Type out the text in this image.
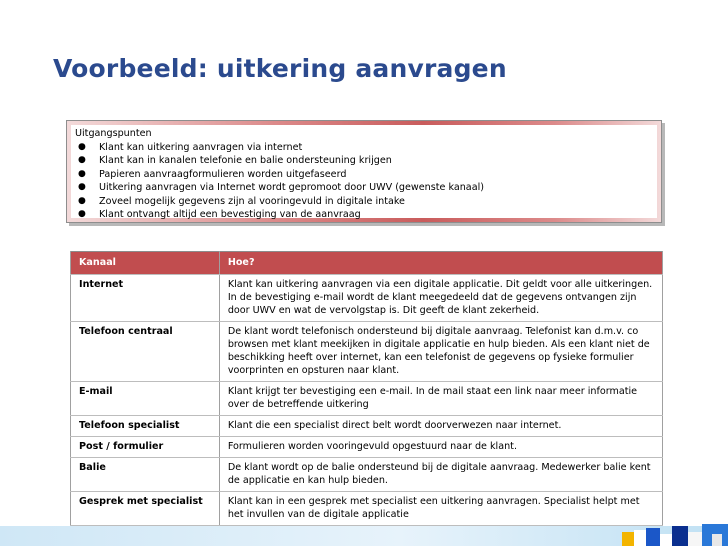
Voorbeeld: uitkering aanvragen
Uitgangspunten
● Klant kan uitkering aanvragen via internet
● Klant kan in kanalen telefonie en balie ondersteuning krijgen
● Papieren aanvraagformulieren worden uitgefaseerd
● Uitkering aanvragen via Internet wordt gepromoot door UWV (gewenste kanaal)
● Zoveel mogelijk gegevens zijn al vooringevuld in digitale intake
● Klant ontvangt altijd een bevestiging van de aanvraag
Kanaal	Hoe?
Internet	Klant kan uitkering aanvragen via een digitale applicatie. Dit geldt voor alle uitkeringen. In de bevestiging e-mail wordt de klant meegedeeld dat de gegevens ontvangen zijn door UWV en wat de vervolgstap is. Dit geeft de klant zekerheid.
Telefoon centraal	De klant wordt telefonisch ondersteund bij digitale aanvraag. Telefonist kan d.m.v. co browsen met klant meekijken in digitale applicatie en hulp bieden. Als een klant niet de beschikking heeft over internet, kan een telefonist de gegevens op fysieke formulier voorprinten en opsturen naar klant.
E-mail	Klant krijgt ter bevestiging een e-mail. In de mail staat een link naar meer informatie over de betreffende uitkering
Telefoon specialist	Klant die een specialist direct belt wordt doorverwezen naar internet.
Post / formulier	Formulieren worden vooringevuld opgestuurd naar de klant.
Balie	De klant wordt op de balie ondersteund bij de digitale aanvraag. Medewerker balie kent de applicatie en kan hulp bieden.
Gesprek met specialist	Klant kan in een gesprek met specialist een uitkering aanvragen. Specialist helpt met het invullen van de digitale applicatie
